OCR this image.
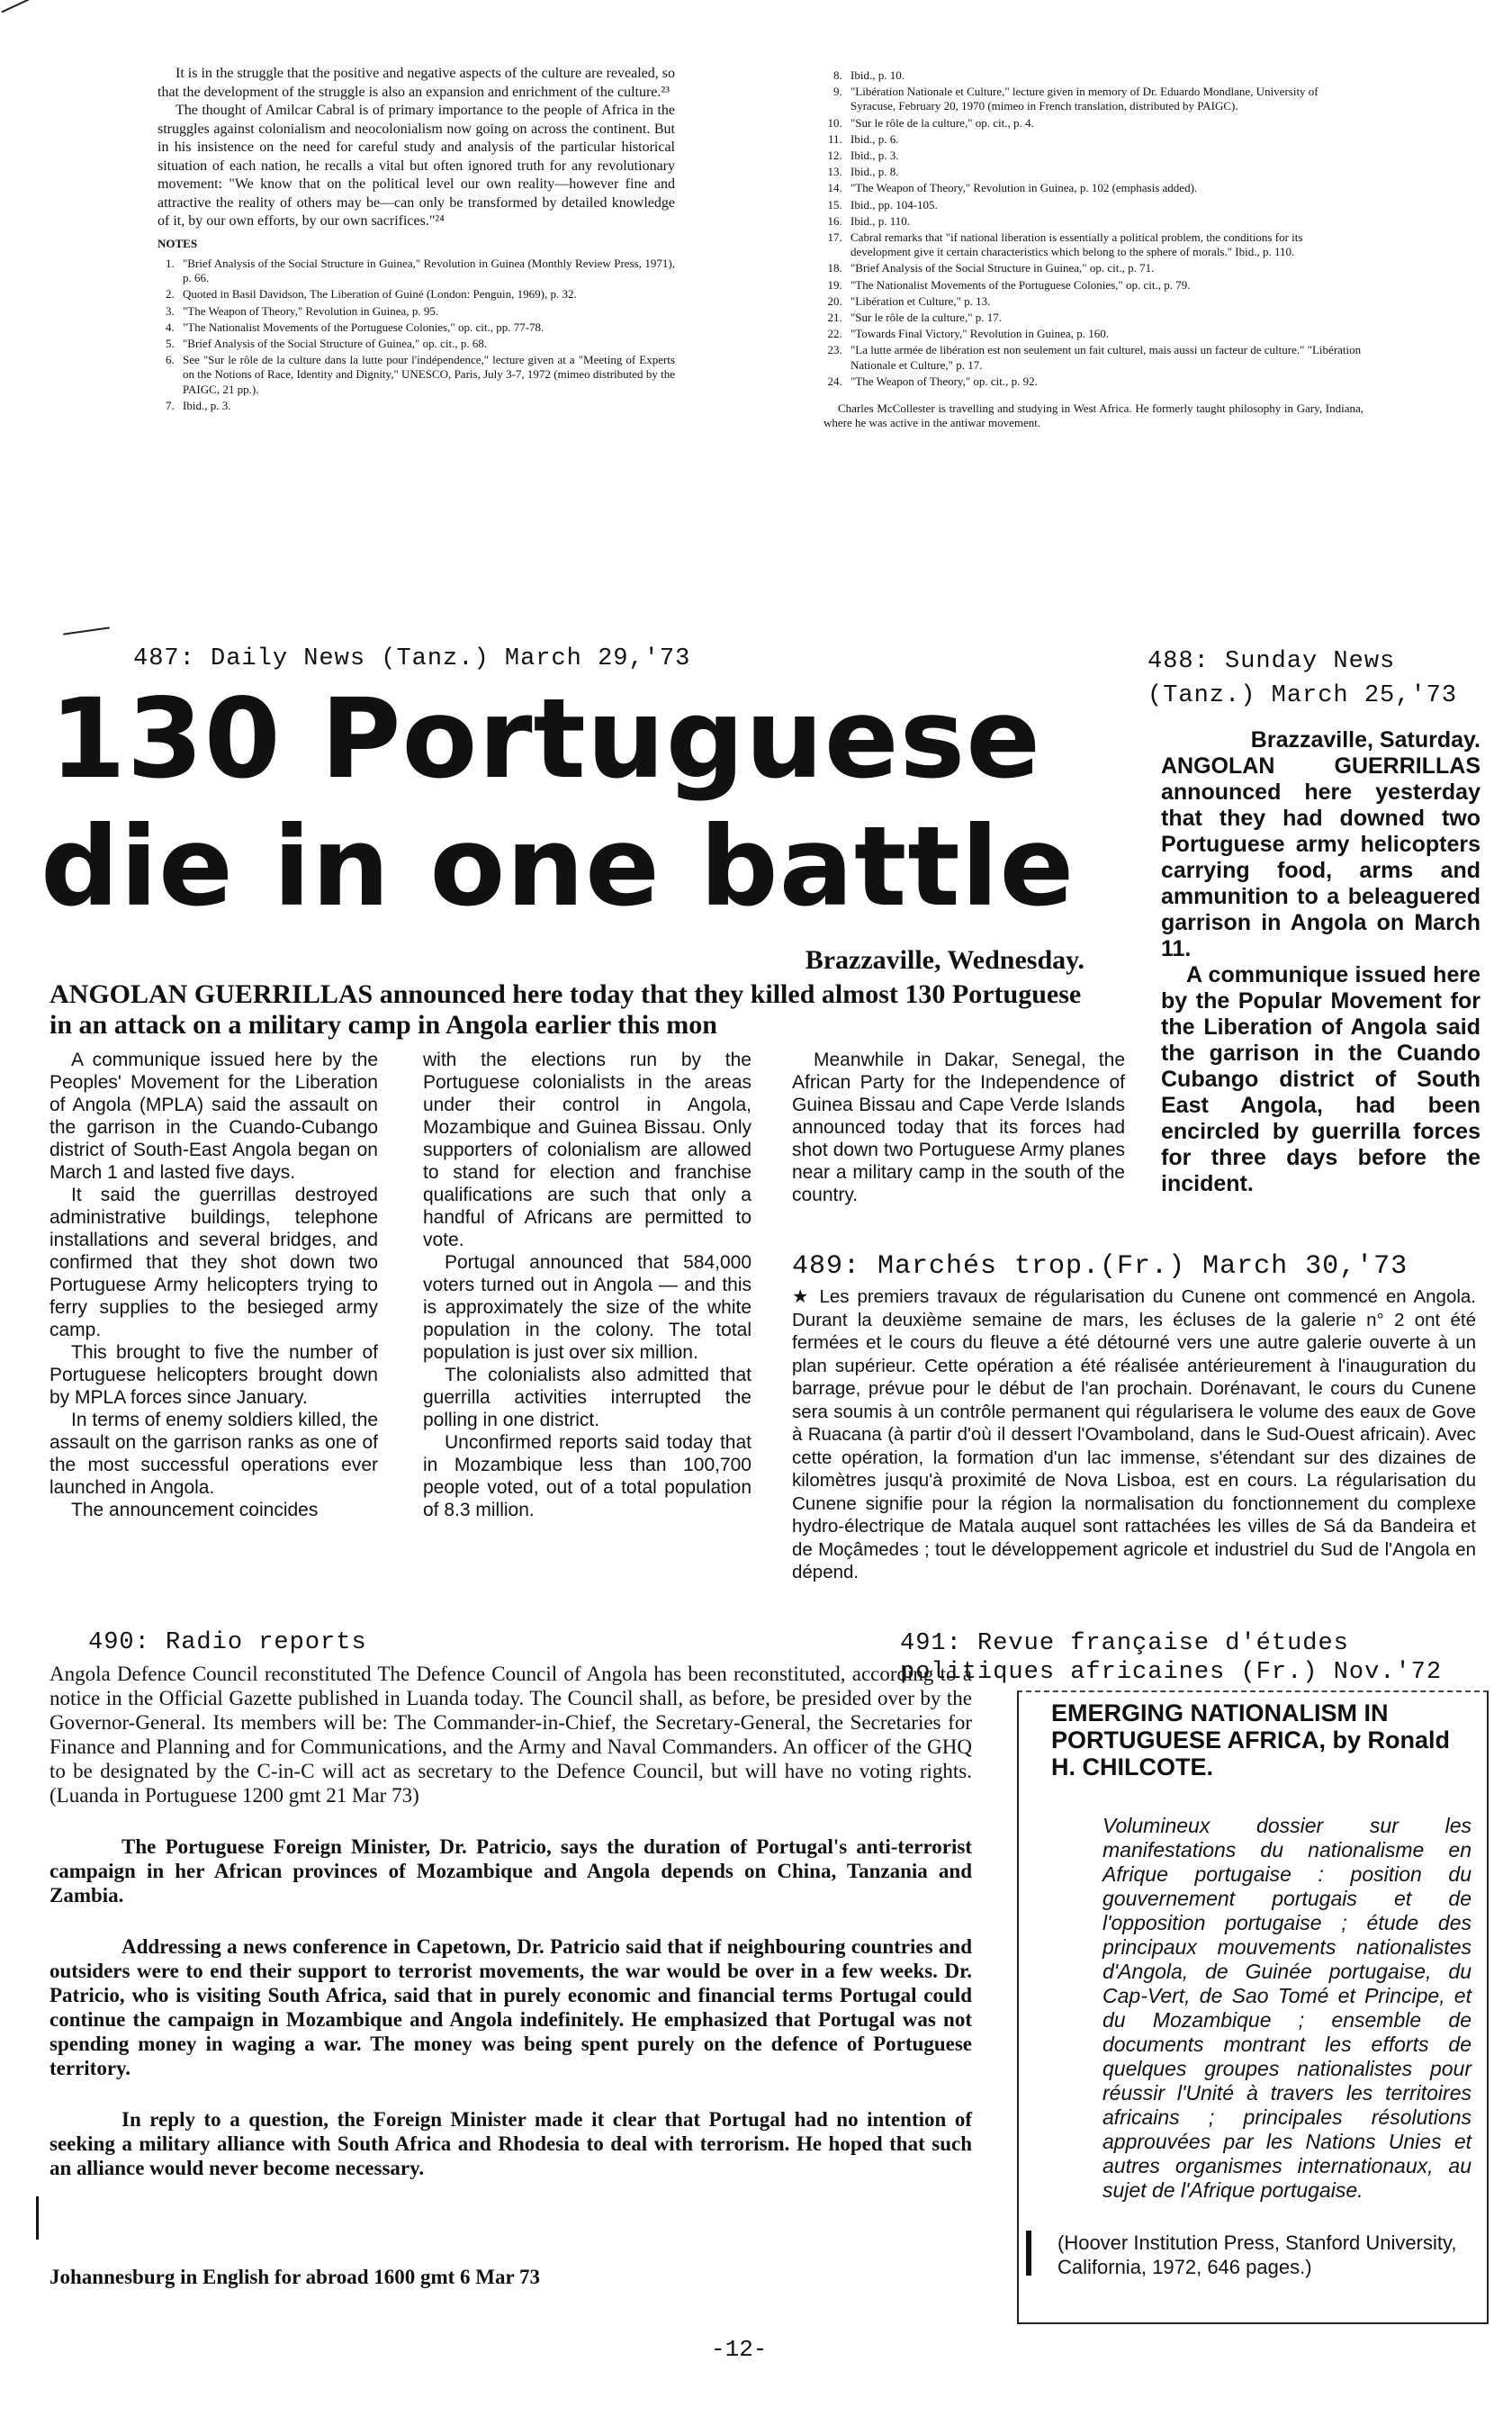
It is in the struggle that the positive and negative aspects of the culture are revealed, so that the development of the struggle is also an expansion and enrichment of the culture.²³

The thought of Amilcar Cabral is of primary importance to the people of Africa in the struggles against colonialism and neocolonialism now going on across the continent. But in his insistence on the need for careful study and analysis of the particular historical situation of each nation, he recalls a vital but often ignored truth for any revolutionary movement: "We know that on the political level our own reality—however fine and attractive the reality of others may be—can only be transformed by detailed knowledge of it, by our own efforts, by our own sacrifices."²⁴

NOTES
1. "Brief Analysis of the Social Structure in Guinea," Revolution in Guinea (Monthly Review Press, 1971), p. 66.
2. Quoted in Basil Davidson, The Liberation of Guiné (London: Penguin, 1969), p. 32.
3. "The Weapon of Theory," Revolution in Guinea, p. 95.
4. "The Nationalist Movements of the Portuguese Colonies," op. cit., pp. 77-78.
5. "Brief Analysis of the Social Structure of Guinea," op. cit., p. 68.
6. See "Sur le rôle de la culture dans la lutte pour l'indépendence," lecture given at a "Meeting of Experts on the Notions of Race, Identity and Dignity," UNESCO, Paris, July 3-7, 1972 (mimeo distributed by the PAIGC, 21 pp.).
7. Ibid., p. 3.
8. Ibid., p. 10.
9. "Libération Nationale et Culture," lecture given in memory of Dr. Eduardo Mondlane, University of Syracuse, February 20, 1970 (mimeo in French translation, distributed by PAIGC).
10. "Sur le rôle de la culture," op. cit., p. 4.
11. Ibid., p. 6.
12. Ibid., p. 3.
13. Ibid., p. 8.
14. "The Weapon of Theory," Revolution in Guinea, p. 102 (emphasis added).
15. Ibid., pp. 104-105.
16. Ibid., p. 110.
17. Cabral remarks that "if national liberation is essentially a political problem, the conditions for its development give it certain characteristics which belong to the sphere of morals." Ibid., p. 110.
18. "Brief Analysis of the Social Structure in Guinea," op. cit., p. 71.
19. "The Nationalist Movements of the Portuguese Colonies," op. cit., p. 79.
20. "Libération et Culture," p. 13.
21. "Sur le rôle de la culture," p. 17.
22. "Towards Final Victory," Revolution in Guinea, p. 160.
23. "La lutte armée de libération est non seulement un fait culturel, mais aussi un facteur de culture." "Libération Nationale et Culture," p. 17.
24. "The Weapon of Theory," op. cit., p. 92.

Charles McCollester is travelling and studying in West Africa. He formerly taught philosophy in Gary, Indiana, where he was active in the antiwar movement.

487: Daily News (Tanz.) March 29,'73
130 Portuguese
die in one battle
Brazzaville, Wednesday.
ANGOLAN GUERRILLAS announced here today that they killed almost 130 Portuguese in an attack on a military camp in Angola earlier this mon

A communique issued here by the Peoples' Movement for the Liberation of Angola (MPLA) said the assault on the garrison in the Cuando-Cubango district of South-East Angola began on March 1 and lasted five days.

It said the guerrillas destroyed administrative buildings, telephone installations and several bridges, and confirmed that they shot down two Portuguese Army helicopters trying to ferry supplies to the besieged army camp.

This brought to five the number of Portuguese helicopters brought down by MPLA forces since January.

In terms of enemy soldiers killed, the assault on the garrison ranks as one of the most successful operations ever launched in Angola.

The announcement coincides

with the elections run by the Portuguese colonialists in the areas under their control in Angola, Mozambique and Guinea Bissau. Only supporters of colonialism are allowed to stand for election and franchise qualifications are such that only a handful of Africans are permitted to vote.

Portugal announced that 584,000 voters turned out in Angola — and this is approximately the size of the white population in the colony. The total population is just over six million.

The colonialists also admitted that guerrilla activities interrupted the polling in one district.

Unconfirmed reports said today that in Mozambique less than 100,700 people voted, out of a total population of 8.3 million.

Meanwhile in Dakar, Senegal, the African Party for the Independence of Guinea Bissau and Cape Verde Islands announced today that its forces had shot down two Portuguese Army planes near a military camp in the south of the country.

488: Sunday News (Tanz.) March 25,'73

Brazzaville, Saturday.

ANGOLAN GUERRILLAS announced here yesterday that they had downed two Portuguese army helicopters carrying food, arms and ammunition to a beleaguered garrison in Angola on March 11.

A communique issued here by the Popular Movement for the Liberation of Angola said the garrison in the Cuando Cubango district of South East Angola, had been encircled by guerrilla forces for three days before the incident.

489: Marchés trop.(Fr.) March 30,'73
★ Les premiers travaux de régularisation du Cunene ont commencé en Angola. Durant la deuxième semaine de mars, les écluses de la galerie n° 2 ont été fermées et le cours du fleuve a été détourné vers une autre galerie ouverte à un plan supérieur. Cette opération a été réalisée antérieurement à l'inauguration du barrage, prévue pour le début de l'an prochain. Dorénavant, le cours du Cunene sera soumis à un contrôle permanent qui régularisera le volume des eaux de Gove à Ruacana (à partir d'où il dessert l'Ovamboland, dans le Sud-Ouest africain). Avec cette opération, la formation d'un lac immense, s'étendant sur des dizaines de kilomètres jusqu'à proximité de Nova Lisboa, est en cours. La régularisation du Cunene signifie pour la région la normalisation du fonctionnement du complexe hydro-électrique de Matala auquel sont rattachées les villes de Sá da Bandeira et de Moçâmedes ; tout le développement agricole et industriel du Sud de l'Angola en dépend.
490: Radio reports

Angola Defence Council reconstituted The Defence Council of Angola has been reconstituted, according to a notice in the Official Gazette published in Luanda today. The Council shall, as before, be presided over by the Governor-General. Its members will be: The Commander-in-Chief, the Secretary-General, the Secretaries for Finance and Planning and for Communications, and the Army and Naval Commanders. An officer of the GHQ to be designated by the C-in-C will act as secretary to the Defence Council, but will have no voting rights. (Luanda in Portuguese 1200 gmt 21 Mar 73)

The Portuguese Foreign Minister, Dr. Patricio, says the duration of Portugal's anti-terrorist campaign in her African provinces of Mozambique and Angola depends on China, Tanzania and Zambia.

Addressing a news conference in Capetown, Dr. Patricio said that if neighbouring countries and outsiders were to end their support to terrorist movements, the war would be over in a few weeks. Dr. Patricio, who is visiting South Africa, said that in purely economic and financial terms Portugal could continue the campaign in Mozambique and Angola indefinitely. He emphasized that Portugal was not spending money in waging a war. The money was being spent purely on the defence of Portuguese territory.

In reply to a question, the Foreign Minister made it clear that Portugal had no intention of seeking a military alliance with South Africa and Rhodesia to deal with terrorism. He hoped that such an alliance would never become necessary.

Johannesburg in English for abroad 1600 gmt 6 Mar 73
491: Revue française d'études politiques africaines (Fr.) Nov.'72
EMERGING NATIONALISM IN PORTUGUESE AFRICA, by Ronald H. CHILCOTE.
Volumineux dossier sur les manifestations du nationalisme en Afrique portugaise : position du gouvernement portugais et de l'opposition portugaise ; étude des principaux mouvements nationalistes d'Angola, de Guinée portugaise, du Cap-Vert, de Sao Tomé et Principe, et du Mozambique ; ensemble de documents montrant les efforts de quelques groupes nationalistes pour réussir l'Unité à travers les territoires africains ; principales résolutions approuvées par les Nations Unies et autres organismes internationaux, au sujet de l'Afrique portugaise.
(Hoover Institution Press, Stanford University, California, 1972, 646 pages.)
-12-
